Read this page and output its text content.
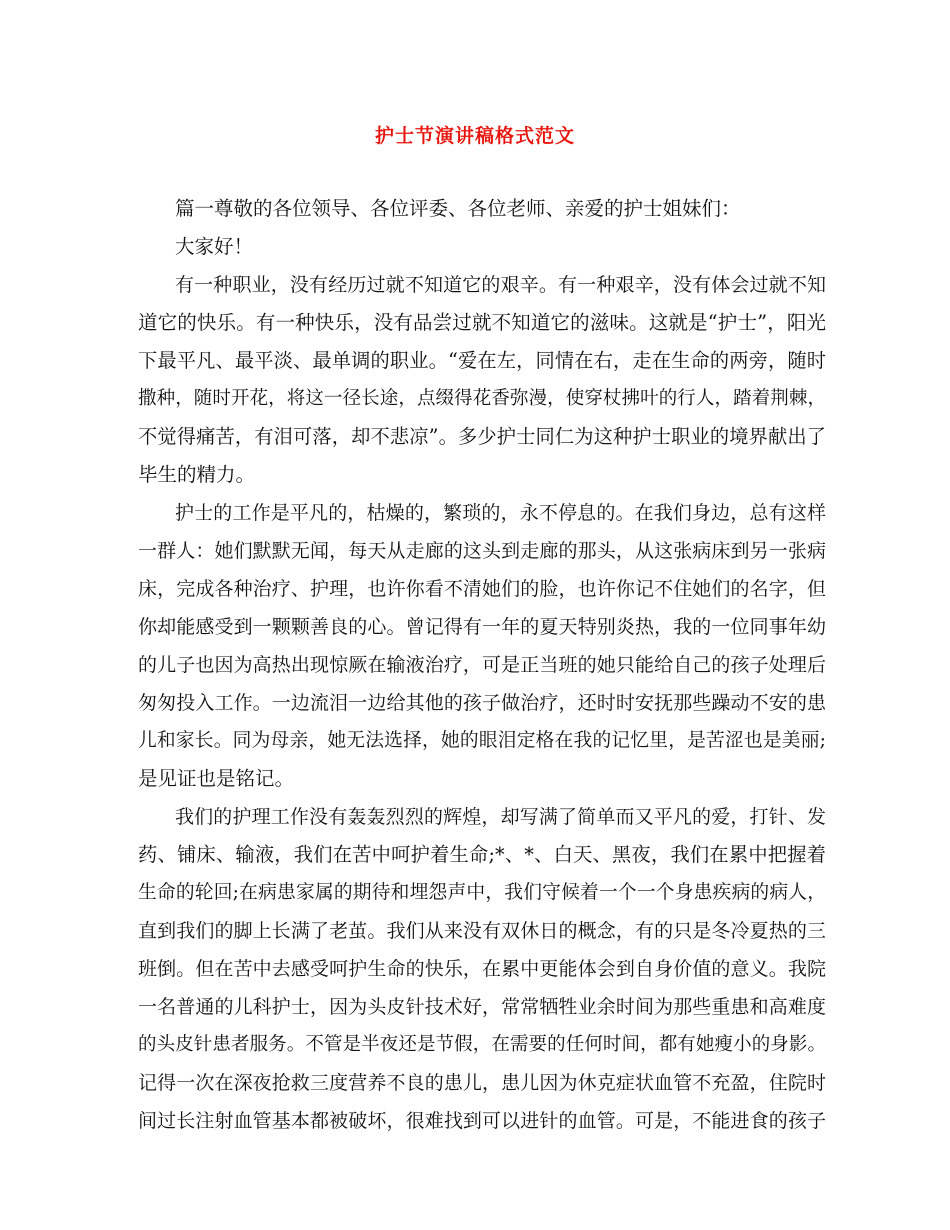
护士节演讲稿格式范文
篇一尊敬的各位领导、各位评委、各位老师、亲爱的护士姐妹们：
大家好！
有一种职业，没有经历过就不知道它的艰辛。有一种艰辛，没有体会过就不知
道它的快乐。有一种快乐，没有品尝过就不知道它的滋味。这就是“护士”，阳光
下最平凡、最平淡、最单调的职业。“爱在左，同情在右，走在生命的两旁，随时
撒种，随时开花，将这一径长途，点缀得花香弥漫，使穿杖拂叶的行人，踏着荆棘，
不觉得痛苦，有泪可落，却不悲凉”。多少护士同仁为这种护士职业的境界献出了
毕生的精力。
护士的工作是平凡的，枯燥的，繁琐的，永不停息的。在我们身边，总有这样
一群人：她们默默无闻，每天从走廊的这头到走廊的那头，从这张病床到另一张病
床，完成各种治疗、护理，也许你看不清她们的脸，也许你记不住她们的名字，但
你却能感受到一颗颗善良的心。曾记得有一年的夏天特别炎热，我的一位同事年幼
的儿子也因为高热出现惊厥在输液治疗，可是正当班的她只能给自己的孩子处理后
匆匆投入工作。一边流泪一边给其他的孩子做治疗，还时时安抚那些躁动不安的患
儿和家长。同为母亲，她无法选择，她的眼泪定格在我的记忆里，是苦涩也是美丽;
是见证也是铭记。
我们的护理工作没有轰轰烈烈的辉煌，却写满了简单而又平凡的爱，打针、发
药、铺床、输液，我们在苦中呵护着生命;*、*、白天、黑夜，我们在累中把握着
生命的轮回;在病患家属的期待和埋怨声中，我们守候着一个一个身患疾病的病人，
直到我们的脚上长满了老茧。我们从来没有双休日的概念，有的只是冬冷夏热的三
班倒。但在苦中去感受呵护生命的快乐，在累中更能体会到自身价值的意义。我院
一名普通的儿科护士，因为头皮针技术好，常常牺牲业余时间为那些重患和高难度
的头皮针患者服务。不管是半夜还是节假，在需要的任何时间，都有她瘦小的身影。
记得一次在深夜抢救三度营养不良的患儿，患儿因为休克症状血管不充盈，住院时
间过长注射血管基本都被破坏，很难找到可以进针的血管。可是，不能进食的孩子
